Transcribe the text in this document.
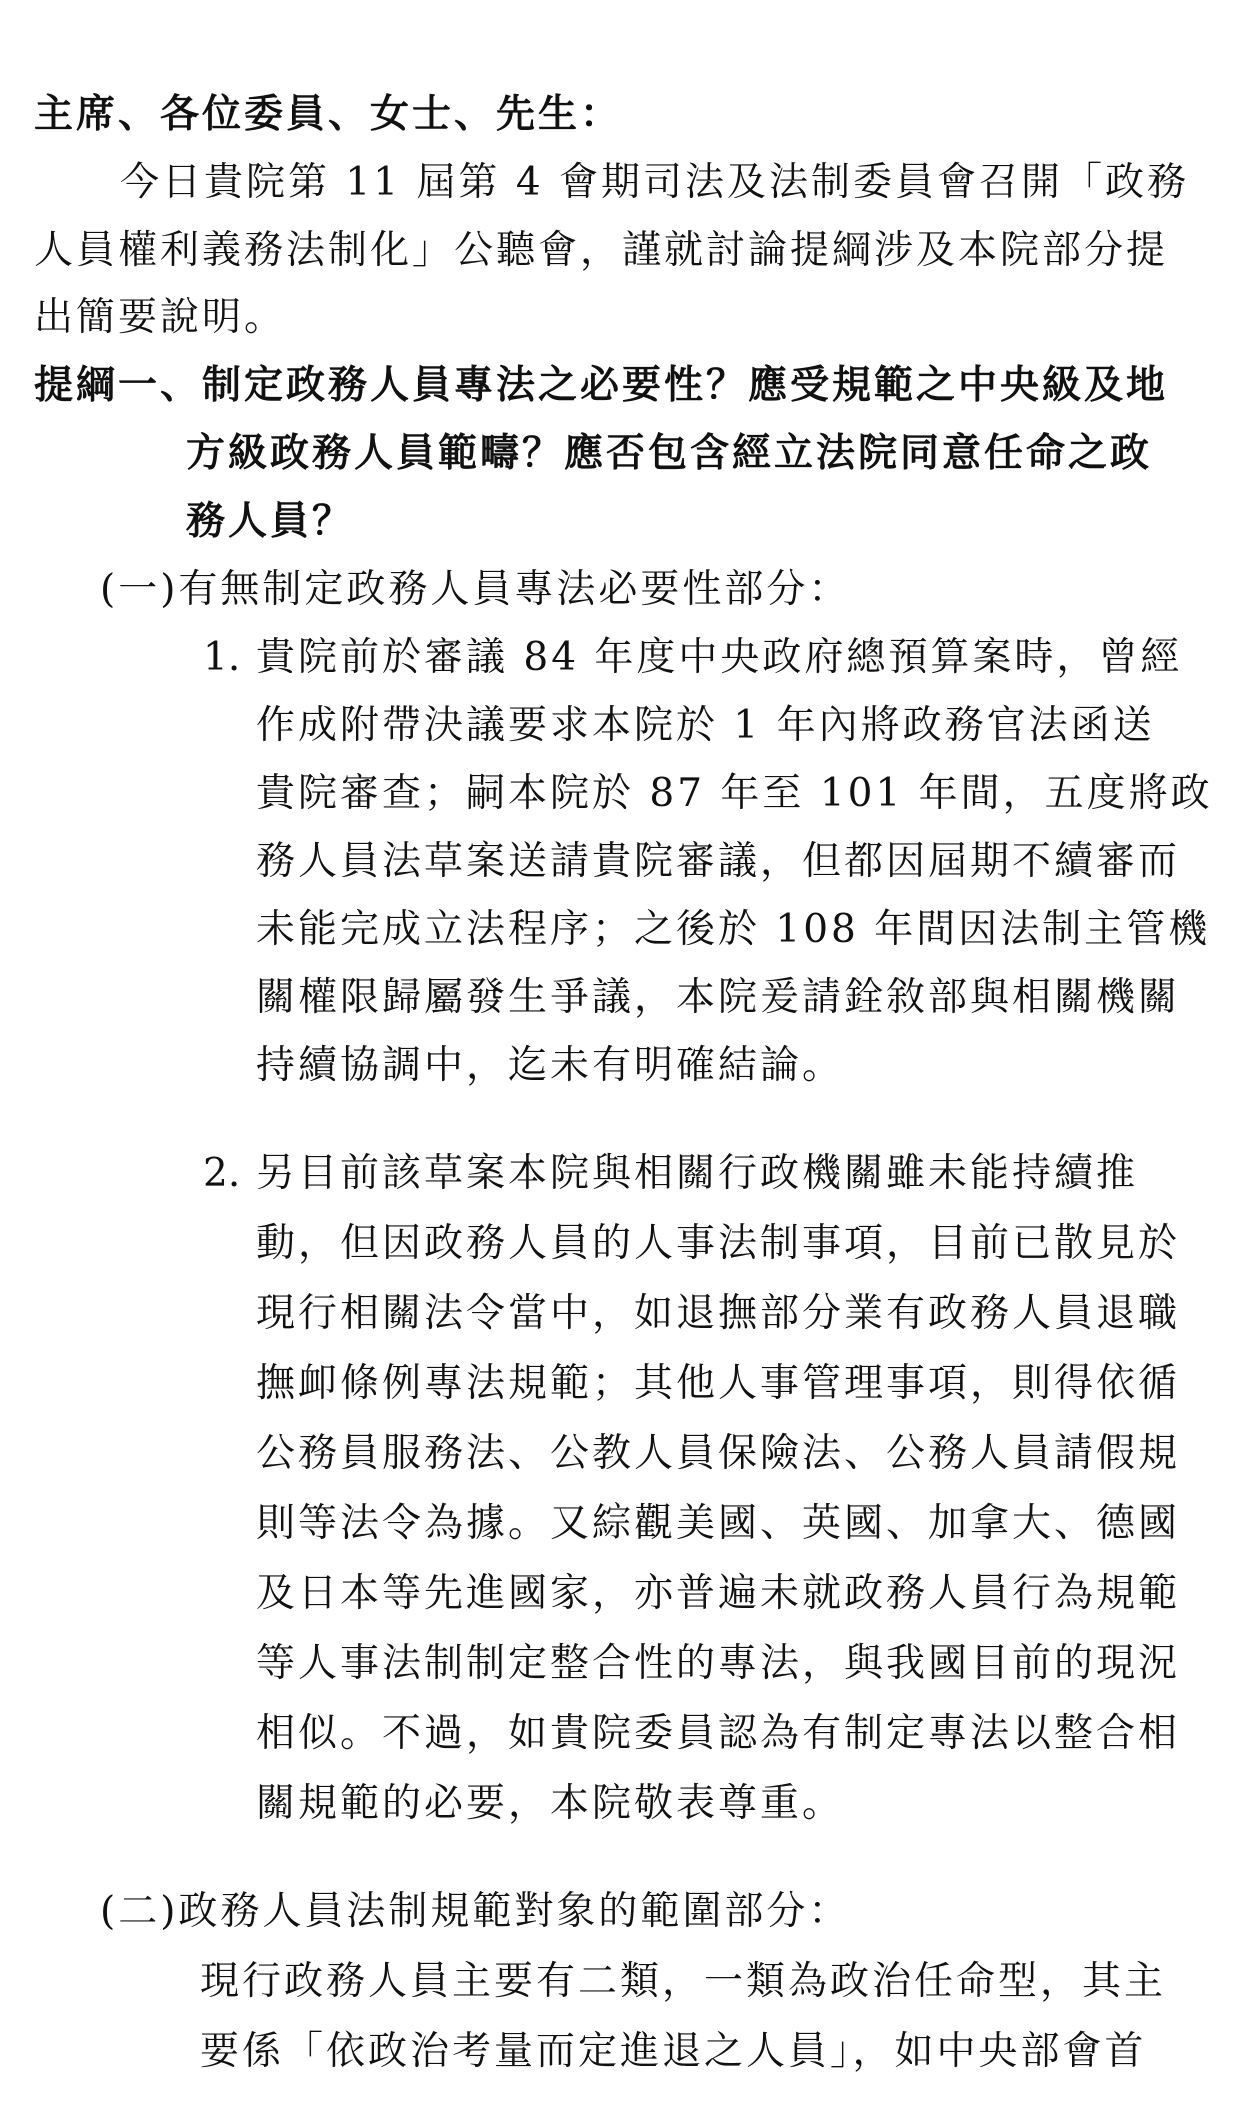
主席、各位委員、女士、先生：
今日貴院第 11 屆第 4 會期司法及法制委員會召開「政務
人員權利義務法制化」公聽會，謹就討論提綱涉及本院部分提
出簡要說明。
提綱一、制定政務人員專法之必要性？應受規範之中央級及地
方級政務人員範疇？應否包含經立法院同意任命之政
務人員？
(一)有無制定政務人員專法必要性部分：
1. 貴院前於審議 84 年度中央政府總預算案時，曾經
作成附帶決議要求本院於 1 年內將政務官法函送
貴院審查；嗣本院於 87 年至 101 年間，五度將政
務人員法草案送請貴院審議，但都因屆期不續審而
未能完成立法程序；之後於 108 年間因法制主管機
關權限歸屬發生爭議，本院爰請銓敘部與相關機關
持續協調中，迄未有明確結論。
2. 另目前該草案本院與相關行政機關雖未能持續推
動，但因政務人員的人事法制事項，目前已散見於
現行相關法令當中，如退撫部分業有政務人員退職
撫卹條例專法規範；其他人事管理事項，則得依循
公務員服務法、公教人員保險法、公務人員請假規
則等法令為據。又綜觀美國、英國、加拿大、德國
及日本等先進國家，亦普遍未就政務人員行為規範
等人事法制制定整合性的專法，與我國目前的現況
相似。不過，如貴院委員認為有制定專法以整合相
關規範的必要，本院敬表尊重。
(二)政務人員法制規範對象的範圍部分：
現行政務人員主要有二類，一類為政治任命型，其主
要係「依政治考量而定進退之人員」，如中央部會首
